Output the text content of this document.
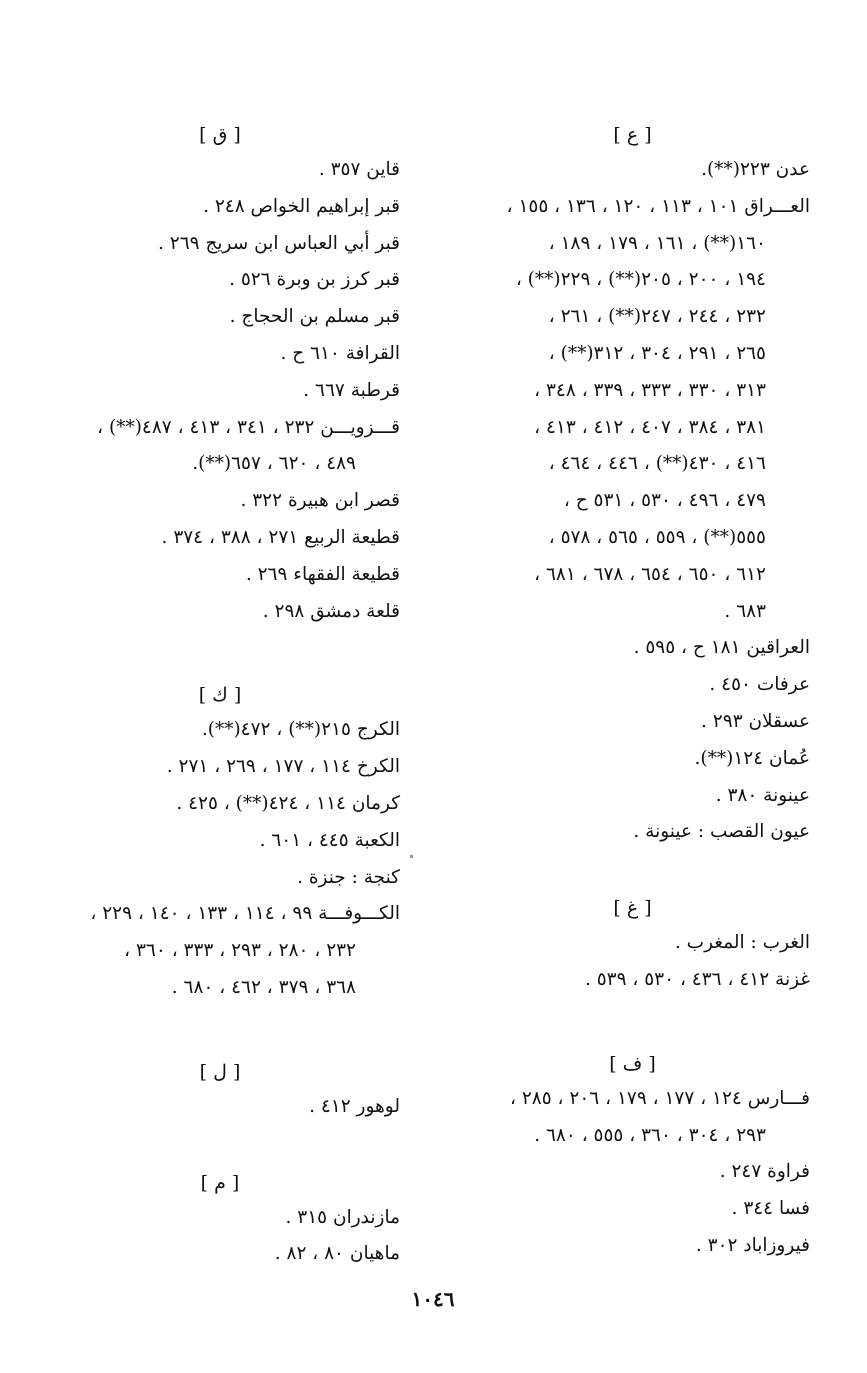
[ ع ]
عدن ٢٢٣(**).
العـــراق ١٠١ ، ١١٣ ، ١٢٠ ، ١٣٦ ، ١٥٥ ،
١٦٠(**) ، ١٦١ ، ١٧٩ ، ١٨٩ ،
١٩٤ ، ٢٠٠ ، ٢٠٥(**) ، ٢٢٩(**) ،
٢٣٢ ، ٢٤٤ ، ٢٤٧(**) ، ٢٦١ ،
٢٦٥ ، ٢٩١ ، ٣٠٤ ، ٣١٢(**) ،
٣١٣ ، ٣٣٠ ، ٣٣٣ ، ٣٣٩ ، ٣٤٨ ،
٣٨١ ، ٣٨٤ ، ٤٠٧ ، ٤١٢ ، ٤١٣ ،
٤١٦ ، ٤٣٠(**) ، ٤٤٦ ، ٤٦٤ ،
٤٧٩ ، ٤٩٦ ، ٥٣٠ ، ٥٣١ ح ،
٥٥٥(**) ، ٥٥٩ ، ٥٦٥ ، ٥٧٨ ،
٦١٢ ، ٦٥٠ ، ٦٥٤ ، ٦٧٨ ، ٦٨١ ،
٦٨٣ .
العراقين ١٨١ ح ، ٥٩٥ .
عرفات ٤٥٠ .
عسقلان ٢٩٣ .
عُمان ١٢٤(**).
عينونة ٣٨٠ .
عيون القصب : عينونة .
[ غ ]
الغرب : المغرب .
غزنة ٤١٢ ، ٤٣٦ ، ٥٣٠ ، ٥٣٩ .
[ ف ]
فـــارس ١٢٤ ، ١٧٧ ، ١٧٩ ، ٢٠٦ ، ٢٨٥ ،
٢٩٣ ، ٣٠٤ ، ٣٦٠ ، ٥٥٥ ، ٦٨٠ .
فراوة ٢٤٧ .
فسا ٣٤٤ .
فيروزاباد ٣٠٢ .
[ ق ]
قاين ٣٥٧ .
قبر إبراهيم الخواص ٢٤٨ .
قبر أبي العباس ابن سريج ٢٦٩ .
قبر كرز بن وبرة ٥٢٦ .
قبر مسلم بن الحجاج .
القرافة ٦١٠ ح .
قرطبة ٦٦٧ .
قـــزويـــن ٢٣٢ ، ٣٤١ ، ٤١٣ ، ٤٨٧(**) ،
٤٨٩ ، ٦٢٠ ، ٦٥٧(**).
قصر ابن هبيرة ٣٢٢ .
قطيعة الربيع ٢٧١ ، ٣٨٨ ، ٣٧٤ .
قطيعة الفقهاء ٢٦٩ .
قلعة دمشق ٢٩٨ .
[ ك ]
الكرج ٢١٥(**) ، ٤٧٢(**).
الكرخ ١١٤ ، ١٧٧ ، ٢٦٩ ، ٢٧١ .
كرمان ١١٤ ، ٤٢٤(**) ، ٤٢٥ .
الكعبة ٤٤٥ ، ٦٠١ .
كنجة : جنزة .
الكـــوفـــة ٩٩ ، ١١٤ ، ١٣٣ ، ١٤٠ ، ٢٢٩ ،
٢٣٢ ، ٢٨٠ ، ٢٩٣ ، ٣٣٣ ، ٣٦٠ ،
٣٦٨ ، ٣٧٩ ، ٤٦٢ ، ٦٨٠ .
[ ل ]
لوهور ٤١٢ .
[ م ]
مازندران ٣١٥ .
ماهيان ٨٠ ، ٨٢ .
١٠٤٦
